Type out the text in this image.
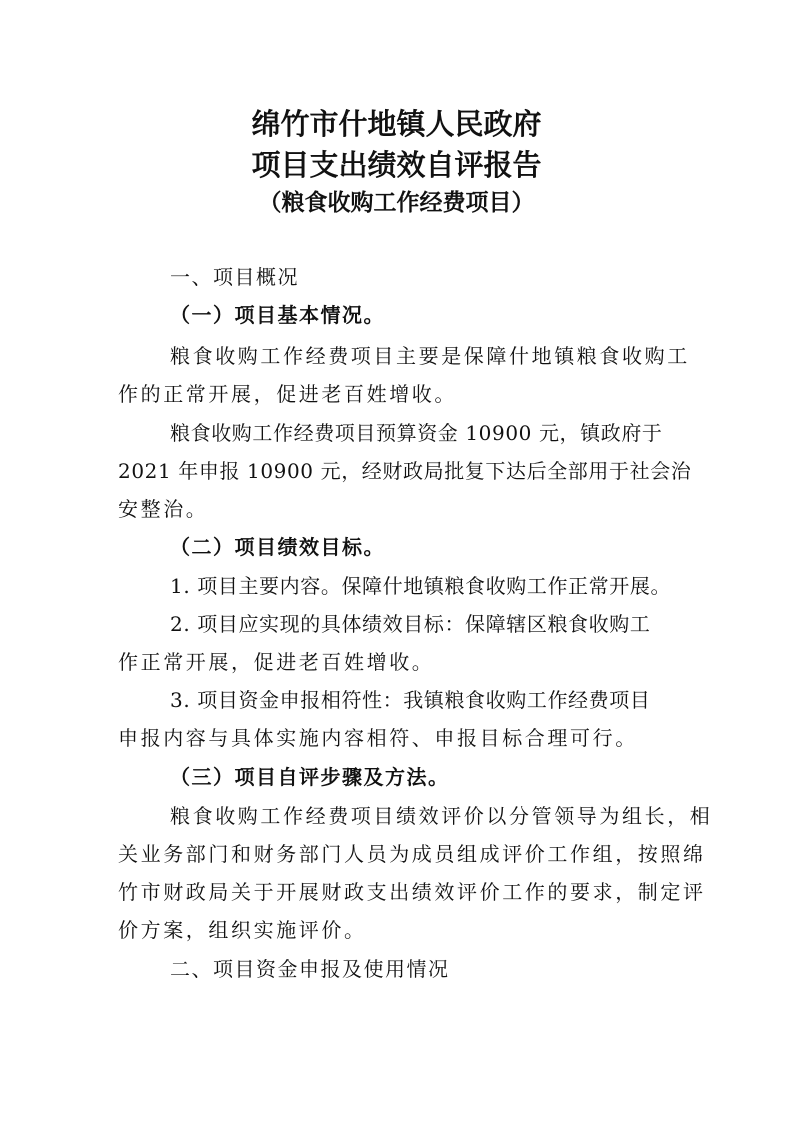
绵竹市什地镇人民政府
项目支出绩效自评报告
（粮食收购工作经费项目）
一、项目概况
（一）项目基本情况。
粮食收购工作经费项目主要是保障什地镇粮食收购工
作的正常开展，促进老百姓增收。
粮食收购工作经费项目预算资金 10900 元，镇政府于
2021 年申报 10900 元，经财政局批复下达后全部用于社会治
安整治。
（二）项目绩效目标。
1. 项目主要内容。保障什地镇粮食收购工作正常开展。
2. 项目应实现的具体绩效目标：保障辖区粮食收购工
作正常开展，促进老百姓增收。
3. 项目资金申报相符性：我镇粮食收购工作经费项目
申报内容与具体实施内容相符、申报目标合理可行。
（三）项目自评步骤及方法。
粮食收购工作经费项目绩效评价以分管领导为组长，相
关业务部门和财务部门人员为成员组成评价工作组，按照绵
竹市财政局关于开展财政支出绩效评价工作的要求，制定评
价方案，组织实施评价。
二、项目资金申报及使用情况
